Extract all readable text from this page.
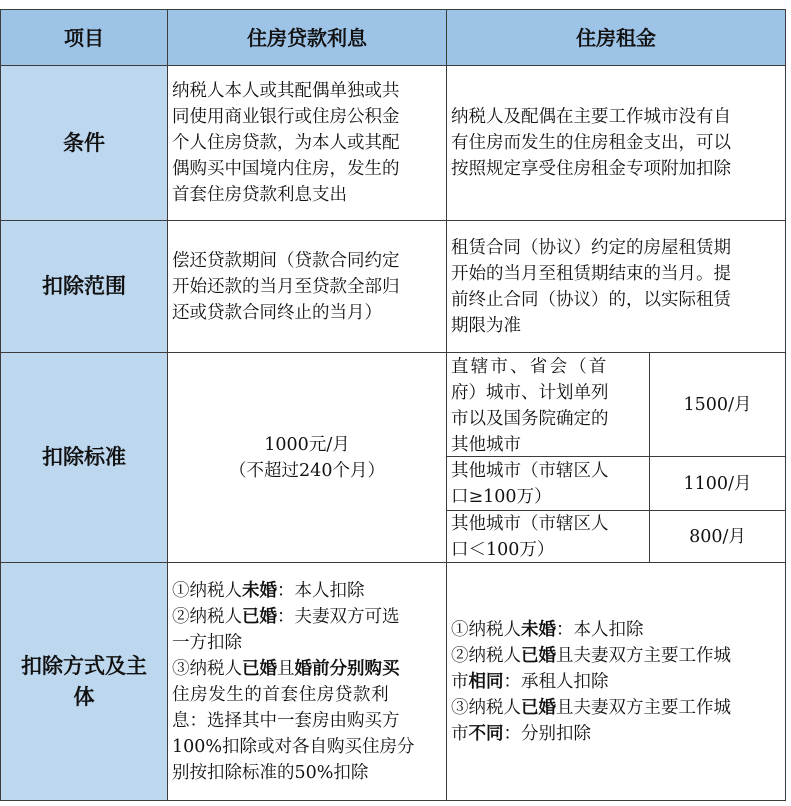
项目	住房贷款利息	住房租金
条件
纳税人本人或其配偶单独或共
同使用商业银行或住房公积金
个人住房贷款，为本人或其配
偶购买中国境内住房，发生的
首套住房贷款利息支出
纳税人及配偶在主要工作城市没有自
有住房而发生的住房租金支出，可以
按照规定享受住房租金专项附加扣除
扣除范围
偿还贷款期间（贷款合同约定
开始还款的当月至贷款全部归
还或贷款合同终止的当月）
租赁合同（协议）约定的房屋租赁期
开始的当月至租赁期结束的当月。提
前终止合同（协议）的，以实际租赁
期限为准
扣除标准
1000元/月
（不超过240个月）
直辖市、省会（首
府）城市、计划单列
市以及国务院确定的
其他城市
1500/月
其他城市（市辖区人
口≥100万）
1100/月
其他城市（市辖区人
口＜100万）
800/月
扣除方式及主
体
①纳税人未婚：本人扣除
②纳税人已婚：夫妻双方可选
一方扣除
③纳税人已婚且婚前分别购买
住房发生的首套住房贷款利
息：选择其中一套房由购买方
100%扣除或对各自购买住房分
别按扣除标准的50%扣除
①纳税人未婚：本人扣除
②纳税人已婚且夫妻双方主要工作城
市相同：承租人扣除
③纳税人已婚且夫妻双方主要工作城
市不同：分别扣除
